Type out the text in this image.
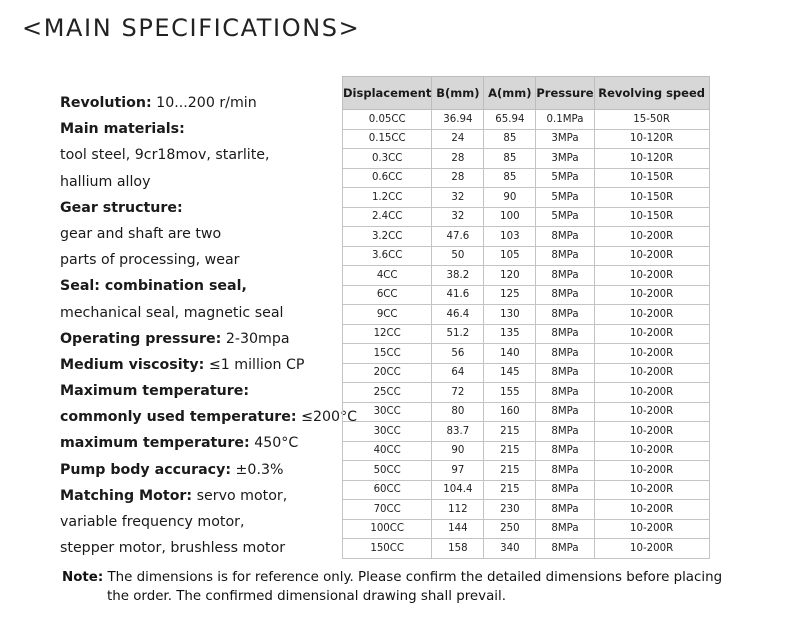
<MAIN SPECIFICATIONS>
Revolution: 10...200 r/min
Main materials:
tool steel, 9cr18mov, starlite,
hallium alloy
Gear structure:
gear and shaft are two
parts of processing, wear
Seal: combination seal,
mechanical seal, magnetic seal
Operating pressure: 2-30mpa
Medium viscosity: ≤1 million CP
Maximum temperature:
commonly used temperature: ≤200°C
maximum temperature: 450°C
Pump body accuracy: ±0.3%
Matching Motor: servo motor,
variable frequency motor,
stepper motor, brushless motor
Displacement	B(mm)	A(mm)	Pressure	Revolving speed
0.05CC	36.94	65.94	0.1MPa	15-50R
0.15CC	24	85	3MPa	10-120R
0.3CC	28	85	3MPa	10-120R
0.6CC	28	85	5MPa	10-150R
1.2CC	32	90	5MPa	10-150R
2.4CC	32	100	5MPa	10-150R
3.2CC	47.6	103	8MPa	10-200R
3.6CC	50	105	8MPa	10-200R
4CC	38.2	120	8MPa	10-200R
6CC	41.6	125	8MPa	10-200R
9CC	46.4	130	8MPa	10-200R
12CC	51.2	135	8MPa	10-200R
15CC	56	140	8MPa	10-200R
20CC	64	145	8MPa	10-200R
25CC	72	155	8MPa	10-200R
30CC	80	160	8MPa	10-200R
30CC	83.7	215	8MPa	10-200R
40CC	90	215	8MPa	10-200R
50CC	97	215	8MPa	10-200R
60CC	104.4	215	8MPa	10-200R
70CC	112	230	8MPa	10-200R
100CC	144	250	8MPa	10-200R
150CC	158	340	8MPa	10-200R
Note: The dimensions is for reference only. Please confirm the detailed dimensions before placing
the order. The confirmed dimensional drawing shall prevail.
